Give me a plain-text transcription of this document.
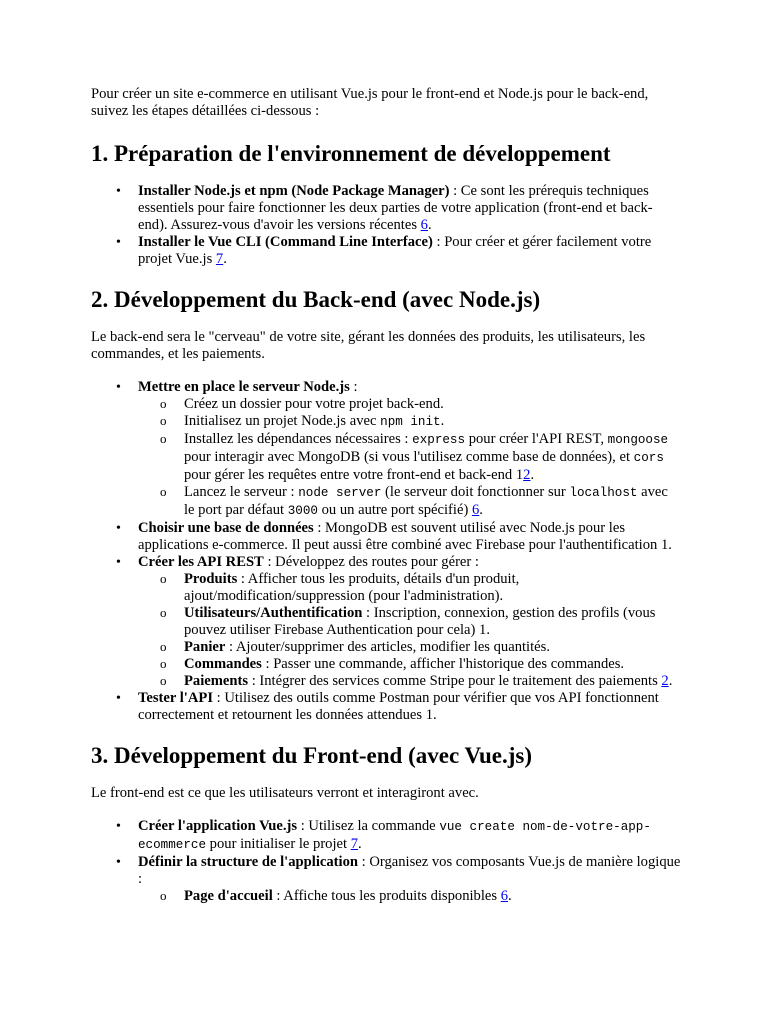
Pour créer un site e-commerce en utilisant Vue.js pour le front-end et Node.js pour le back-end, suivez les étapes détaillées ci-dessous :

1. Préparation de l'environnement de développement
• Installer Node.js et npm (Node Package Manager) : Ce sont les prérequis techniques essentiels pour faire fonctionner les deux parties de votre application (front-end et back-end). Assurez-vous d'avoir les versions récentes 6.
• Installer le Vue CLI (Command Line Interface) : Pour créer et gérer facilement votre projet Vue.js 7.
2. Développement du Back-end (avec Node.js)

Le back-end sera le "cerveau" de votre site, gérant les données des produits, les utilisateurs, les commandes, et les paiements.

• Mettre en place le serveur Node.js :
o Créez un dossier pour votre projet back-end.
o Initialisez un projet Node.js avec npm init.
o Installez les dépendances nécessaires : express pour créer l'API REST, mongoose pour interagir avec MongoDB (si vous l'utilisez comme base de données), et cors pour gérer les requêtes entre votre front-end et back-end 12.
o Lancez le serveur : node server (le serveur doit fonctionner sur localhost avec le port par défaut 3000 ou un autre port spécifié) 6.
• Choisir une base de données : MongoDB est souvent utilisé avec Node.js pour les applications e-commerce. Il peut aussi être combiné avec Firebase pour l'authentification 1.
• Créer les API REST : Développez des routes pour gérer :
o Produits : Afficher tous les produits, détails d'un produit, ajout/modification/suppression (pour l'administration).
o Utilisateurs/Authentification : Inscription, connexion, gestion des profils (vous pouvez utiliser Firebase Authentication pour cela) 1.
o Panier : Ajouter/supprimer des articles, modifier les quantités.
o Commandes : Passer une commande, afficher l'historique des commandes.
o Paiements : Intégrer des services comme Stripe pour le traitement des paiements 2.
• Tester l'API : Utilisez des outils comme Postman pour vérifier que vos API fonctionnent correctement et retournent les données attendues 1.
3. Développement du Front-end (avec Vue.js)

Le front-end est ce que les utilisateurs verront et interagiront avec.

• Créer l'application Vue.js : Utilisez la commande vue create nom-de-votre-app-ecommerce pour initialiser le projet 7.
• Définir la structure de l'application : Organisez vos composants Vue.js de manière logique :
o Page d'accueil : Affiche tous les produits disponibles 6.
